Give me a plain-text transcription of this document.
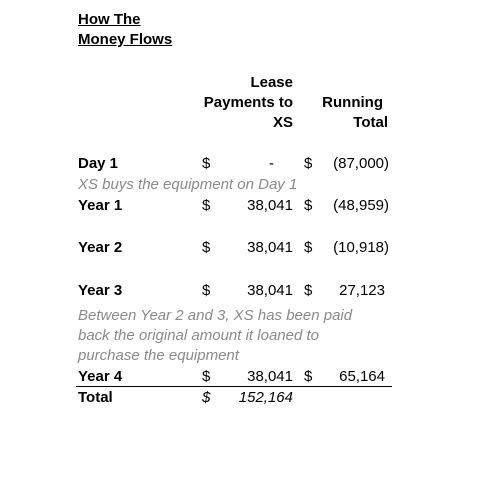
How The
Money Flows
Lease
Payments to
XS
Running
Total
Day 1	$	- $ (87,000)
XS buys the equipment on Day 1
Year 1	$ 38,041 $ (48,959)
Year 2	$ 38,041 $ (10,918)
Year 3	$ 38,041 $ 27,123
Between Year 2 and 3, XS has been paid
back the original amount it loaned to
purchase the equipment
Year 4	$ 38,041 $ 65,164
Total	$ 152,164
